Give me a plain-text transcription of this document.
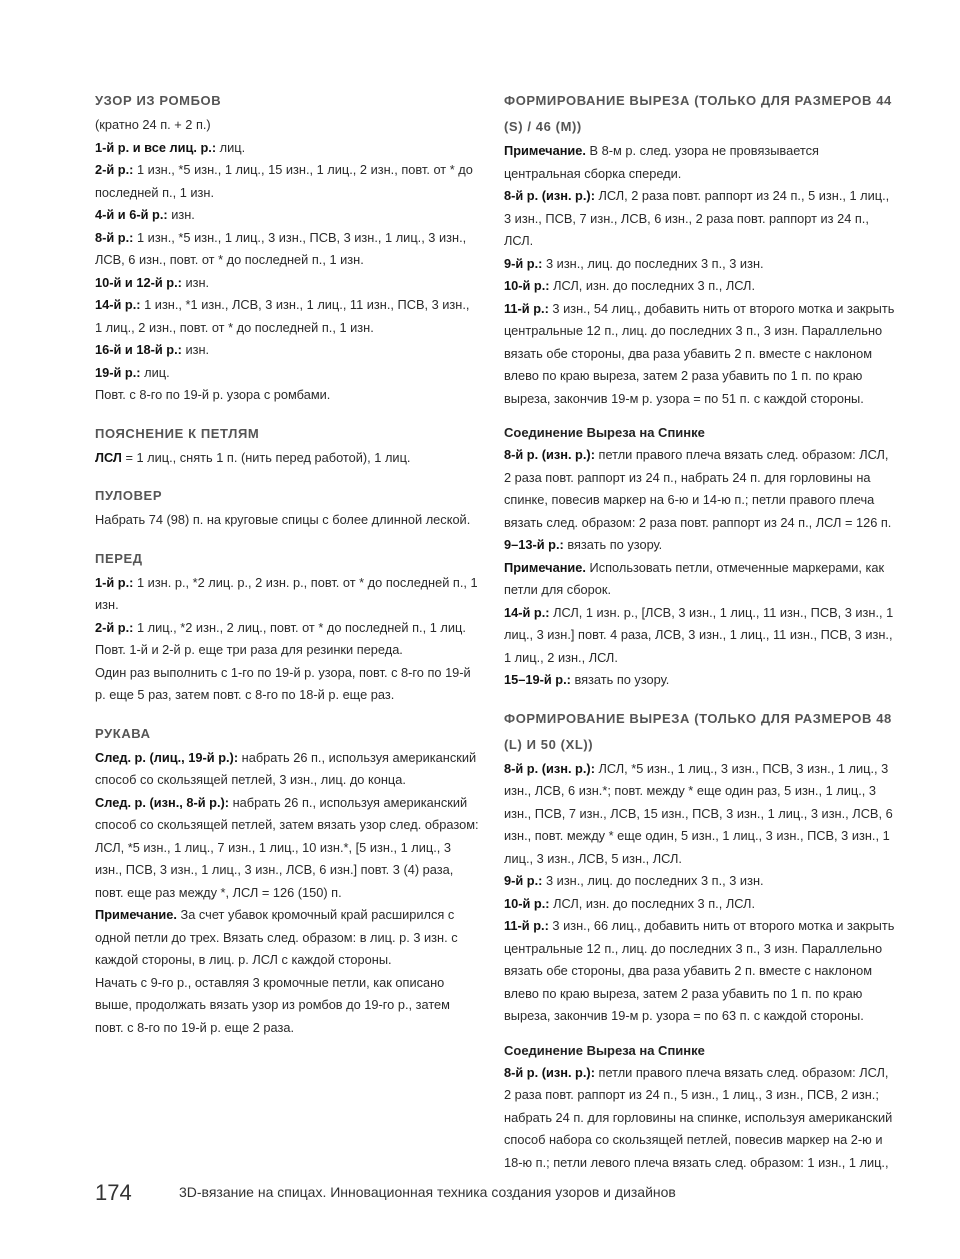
УЗОР ИЗ РОМБОВ

(кратно 24 п. + 2 п.)

1-й р. и все лиц. р.: лиц.

2-й р.: 1 изн., *5 изн., 1 лиц., 15 изн., 1 лиц., 2 изн., повт. от * до последней п., 1 изн.

4-й и 6-й р.: изн.

8-й р.: 1 изн., *5 изн., 1 лиц., 3 изн., ПСВ, 3 изн., 1 лиц., 3 изн., ЛСВ, 6 изн., повт. от * до последней п., 1 изн.

10-й и 12-й р.: изн.

14-й р.: 1 изн., *1 изн., ЛСВ, 3 изн., 1 лиц., 11 изн., ПСВ, 3 изн., 1 лиц., 2 изн., повт. от * до последней п., 1 изн.

16-й и 18-й р.: изн.

19-й р.: лиц.

Повт. с 8-го по 19-й р. узора с ромбами.

ПОЯСНЕНИЕ К ПЕТЛЯМ

ЛСЛ = 1 лиц., снять 1 п. (нить перед работой), 1 лиц.

ПУЛОВЕР

Набрать 74 (98) п. на круговые спицы с более длинной леской.

ПЕРЕД

1-й р.: 1 изн. р., *2 лиц. р., 2 изн. р., повт. от * до последней п., 1 изн.

2-й р.: 1 лиц., *2 изн., 2 лиц., повт. от * до последней п., 1 лиц.

Повт. 1-й и 2-й р. еще три раза для резинки переда.

Один раз выполнить с 1-го по 19-й р. узора, повт. с 8-го по 19-й р. еще 5 раз, затем повт. с 8-го по 18-й р. еще раз.

РУКАВА

След. р. (лиц., 19-й р.): набрать 26 п., используя американский способ со скользящей петлей, 3 изн., лиц. до конца.

След. р. (изн., 8-й р.): набрать 26 п., используя американский способ со скользящей петлей, затем вязать узор след. образом: ЛСЛ, *5 изн., 1 лиц., 7 изн., 1 лиц., 10 изн.*, [5 изн., 1 лиц., 3 изн., ПСВ, 3 изн., 1 лиц., 3 изн., ЛСВ, 6 изн.] повт. 3 (4) раза, повт. еще раз между *, ЛСЛ = 126 (150) п.

Примечание. За счет убавок кромочный край расширился с одной петли до трех. Вязать след. образом: в лиц. р. 3 изн. с каждой стороны, в лиц. р. ЛСЛ с каждой стороны.

Начать с 9-го р., оставляя 3 кромочные петли, как описано выше, продолжать вязать узор из ромбов до 19-го р., затем повт. с 8-го по 19-й р. еще 2 раза.

ФОРМИРОВАНИЕ ВЫРЕЗА (ТОЛЬКО ДЛЯ РАЗМЕРОВ 44 (S) / 46 (M))

Примечание. В 8-м р. след. узора не провязывается центральная сборка спереди.

8-й р. (изн. р.): ЛСЛ, 2 раза повт. раппорт из 24 п., 5 изн., 1 лиц., 3 изн., ПСВ, 7 изн., ЛСВ, 6 изн., 2 раза повт. раппорт из 24 п., ЛСЛ.

9-й р.: 3 изн., лиц. до последних 3 п., 3 изн.

10-й р.: ЛСЛ, изн. до последних 3 п., ЛСЛ.

11-й р.: 3 изн., 54 лиц., добавить нить от второго мотка и закрыть центральные 12 п., лиц. до последних 3 п., 3 изн. Параллельно вязать обе стороны, два раза убавить 2 п. вместе с наклоном влево по краю выреза, затем 2 раза убавить по 1 п. по краю выреза, закончив 19-м р. узора = по 51 п. с каждой стороны.

Соединение Выреза на Спинке

8-й р. (изн. р.): петли правого плеча вязать след. образом: ЛСЛ, 2 раза повт. раппорт из 24 п., набрать 24 п. для горловины на спинке, повесив маркер на 6-ю и 14-ю п.; петли правого плеча вязать след. образом: 2 раза повт. раппорт из 24 п., ЛСЛ = 126 п.

9–13-й р.: вязать по узору.

Примечание. Использовать петли, отмеченные маркерами, как петли для сборок.

14-й р.: ЛСЛ, 1 изн. р., [ЛСВ, 3 изн., 1 лиц., 11 изн., ПСВ, 3 изн., 1 лиц., 3 изн.] повт. 4 раза, ЛСВ, 3 изн., 1 лиц., 11 изн., ПСВ, 3 изн., 1 лиц., 2 изн., ЛСЛ.

15–19-й р.: вязать по узору.

ФОРМИРОВАНИЕ ВЫРЕЗА (ТОЛЬКО ДЛЯ РАЗМЕРОВ 48 (L) И 50 (XL))

8-й р. (изн. р.): ЛСЛ, *5 изн., 1 лиц., 3 изн., ПСВ, 3 изн., 1 лиц., 3 изн., ЛСВ, 6 изн.*; повт. между * еще один раз, 5 изн., 1 лиц., 3 изн., ПСВ, 7 изн., ЛСВ, 15 изн., ПСВ, 3 изн., 1 лиц., 3 изн., ЛСВ, 6 изн., повт. между * еще один, 5 изн., 1 лиц., 3 изн., ПСВ, 3 изн., 1 лиц., 3 изн., ЛСВ, 5 изн., ЛСЛ.

9-й р.: 3 изн., лиц. до последних 3 п., 3 изн.

10-й р.: ЛСЛ, изн. до последних 3 п., ЛСЛ.

11-й р.: 3 изн., 66 лиц., добавить нить от второго мотка и закрыть центральные 12 п., лиц. до последних 3 п., 3 изн. Параллельно вязать обе стороны, два раза убавить 2 п. вместе с наклоном влево по краю выреза, затем 2 раза убавить по 1 п. по краю выреза, закончив 19-м р. узора = по 63 п. с каждой стороны.

Соединение Выреза на Спинке

8-й р. (изн. р.): петли правого плеча вязать след. образом: ЛСЛ, 2 раза повт. раппорт из 24 п., 5 изн., 1 лиц., 3 изн., ПСВ, 2 изн.; набрать 24 п. для горловины на спинке, используя американский способ набора со скользящей петлей, повесив маркер на 2-ю и 18-ю п.; петли левого плеча вязать след. образом: 1 изн., 1 лиц.,

174	3D-вязание на спицах. Инновационная техника создания узоров и дизайнов
